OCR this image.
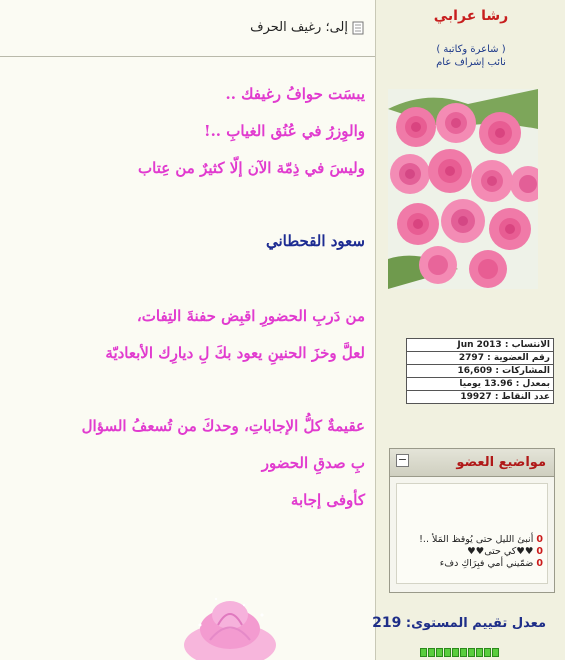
إلى؛ رغيف الحرف
يبسَت حوافُ رغيفك ..
والوِزرُ في عُنُق الغيابِ ..!
وليسَ في ذِمّة الآن إلّا كثيرٌ من عِتاب
سعود القحطاني
من دَربِ الحضورِ اقبِض حفنةَ التِفات،
لعلَّ وخزَ الحنينِ يعود بكَ لِ ديارِك الأبعاديّة
عقيمةٌ كلُّ الإجاباتِ، وحدكَ من تُسعفُ السؤال
بِ صدقِ الحضور
كأوفى إجابة
رشا عرابي
( شاعرة وكاتبة )
نائب إشراف عام
الانتساب : Jun 2013
رقم العضوية : 2797
المشاركات : 16,609
بمعدل : 13.96 يوميا
عدد النقاط : 19927
−	مواضيع العضو
0 أنبئ الليل حتى يُوقظ المَلأ ..!
0 ♥♥كي حتى♥♥
0 ضمّيني أمي فبِرَاكِ دفء
معدل تقييم المستوى: 219
